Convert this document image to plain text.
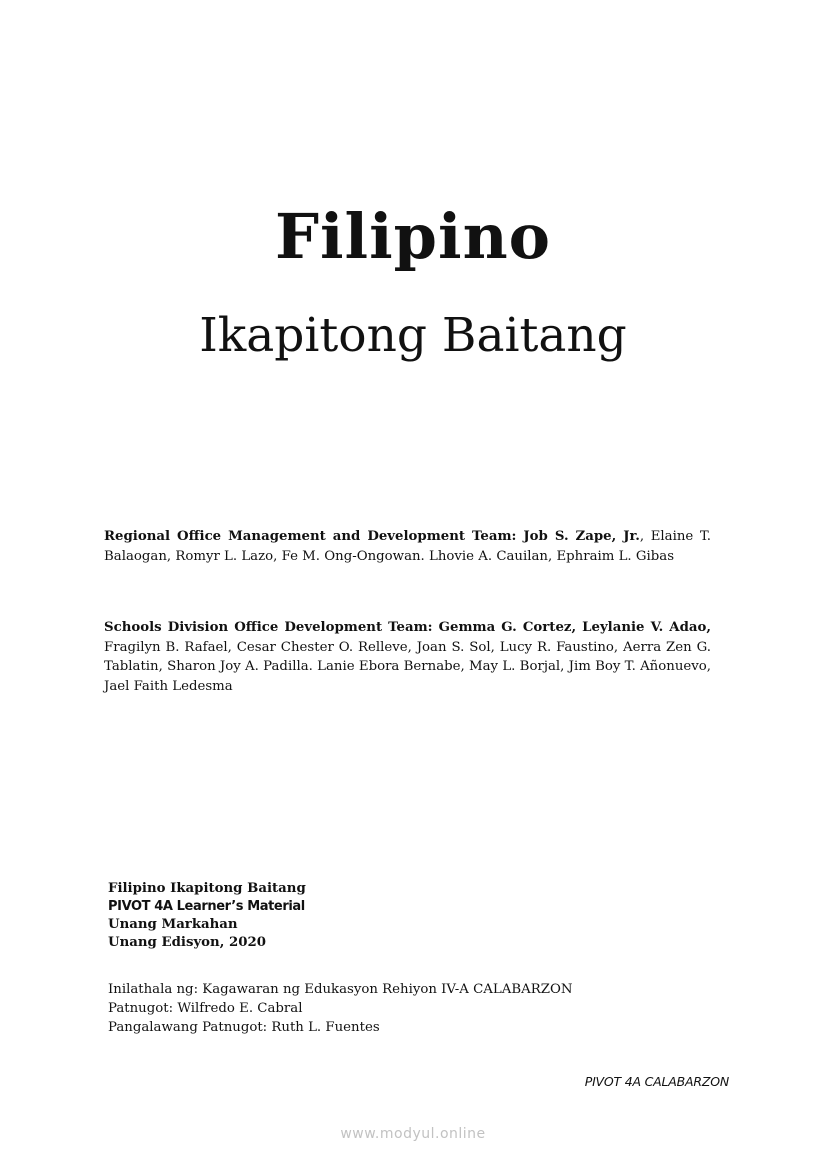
Filipino
Ikapitong Baitang
Regional Office Management and Development Team: Job S. Zape, Jr., Elaine T. Balaogan, Romyr L. Lazo, Fe M. Ong-Ongowan. Lhovie A. Cauilan, Ephraim L. Gibas
Schools Division Office Development Team: Gemma G. Cortez, Leylanie V. Adao, Fragilyn B. Rafael, Cesar Chester O. Relleve, Joan S. Sol, Lucy R. Faustino, Aerra Zen G. Tablatin, Sharon Joy A. Padilla. Lanie Ebora Bernabe, May L. Borjal, Jim Boy T. Añonuevo, Jael Faith Ledesma
Filipino Ikapitong Baitang
PIVOT 4A Learner’s Material
Unang Markahan
Unang Edisyon, 2020
Inilathala ng: Kagawaran ng Edukasyon Rehiyon IV-A CALABARZON
Patnugot: Wilfredo E. Cabral
Pangalawang Patnugot: Ruth L. Fuentes
PIVOT 4A CALABARZON
www.modyul.online
